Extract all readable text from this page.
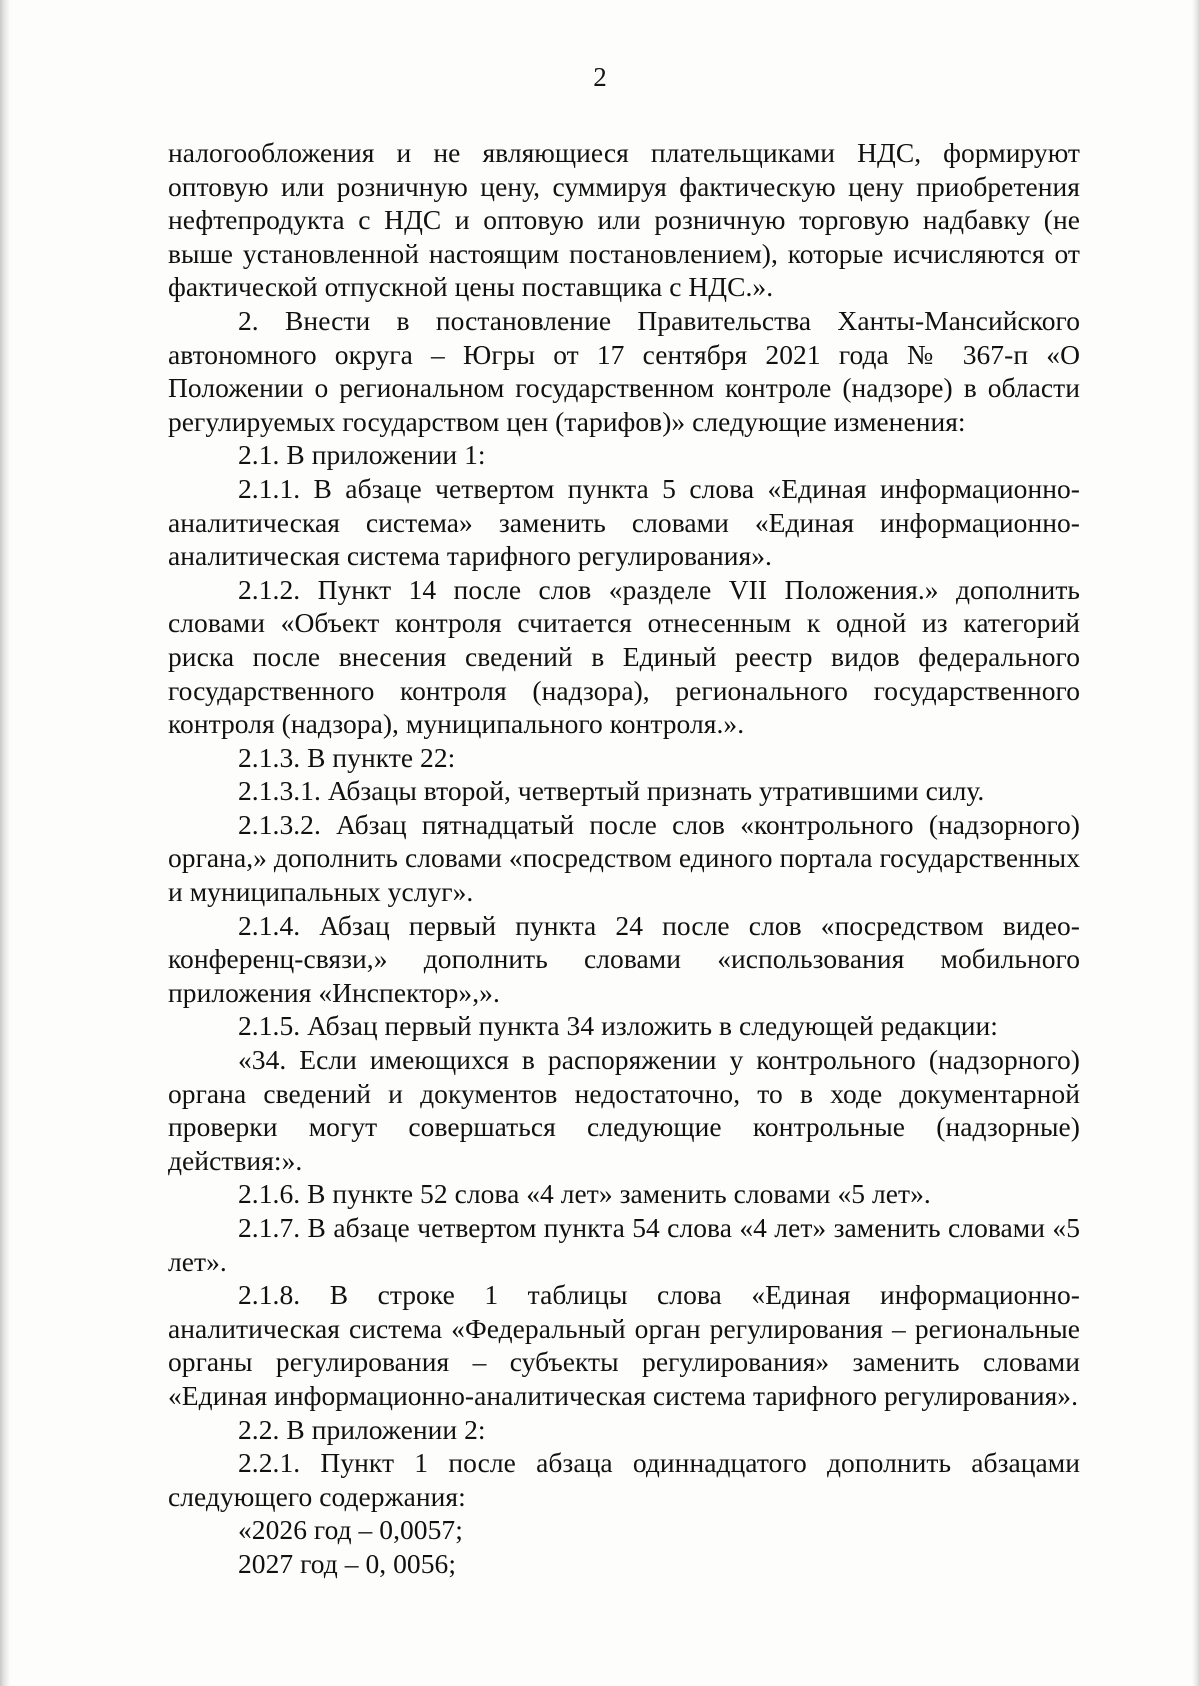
2

налогообложения и не являющиеся плательщиками НДС, формируют оптовую или розничную цену, суммируя фактическую цену приобретения нефтепродукта с НДС и оптовую или розничную торговую надбавку (не выше установленной настоящим постановлением), которые исчисляются от фактической отпускной цены поставщика с НДС.».

2. Внести в постановление Правительства Ханты-Мансийского автономного округа – Югры от 17 сентября 2021 года № 367-п «О Положении о региональном государственном контроле (надзоре) в области регулируемых государством цен (тарифов)» следующие изменения:

2.1. В приложении 1:

2.1.1. В абзаце четвертом пункта 5 слова «Единая информационно-аналитическая система» заменить словами «Единая информационно-аналитическая система тарифного регулирования».

2.1.2. Пункт 14 после слов «разделе VII Положения.» дополнить словами «Объект контроля считается отнесенным к одной из категорий риска после внесения сведений в Единый реестр видов федерального государственного контроля (надзора), регионального государственного контроля (надзора), муниципального контроля.».

2.1.3. В пункте 22:

2.1.3.1. Абзацы второй, четвертый признать утратившими силу.

2.1.3.2. Абзац пятнадцатый после слов «контрольного (надзорного) органа,» дополнить словами «посредством единого портала государственных и муниципальных услуг».

2.1.4. Абзац первый пункта 24 после слов «посредством видео-конференц-связи,» дополнить словами «использования мобильного приложения «Инспектор»,».

2.1.5. Абзац первый пункта 34 изложить в следующей редакции:

«34. Если имеющихся в распоряжении у контрольного (надзорного) органа сведений и документов недостаточно, то в ходе документарной проверки могут совершаться следующие контрольные (надзорные) действия:».

2.1.6. В пункте 52 слова «4 лет» заменить словами «5 лет».

2.1.7. В абзаце четвертом пункта 54 слова «4 лет» заменить словами «5 лет».

2.1.8. В строке 1 таблицы слова «Единая информационно-аналитическая система «Федеральный орган регулирования – региональные органы регулирования – субъекты регулирования» заменить словами «Единая информационно-аналитическая система тарифного регулирования».

2.2. В приложении 2:

2.2.1. Пункт 1 после абзаца одиннадцатого дополнить абзацами следующего содержания:

«2026 год – 0,0057;

2027 год – 0, 0056;
